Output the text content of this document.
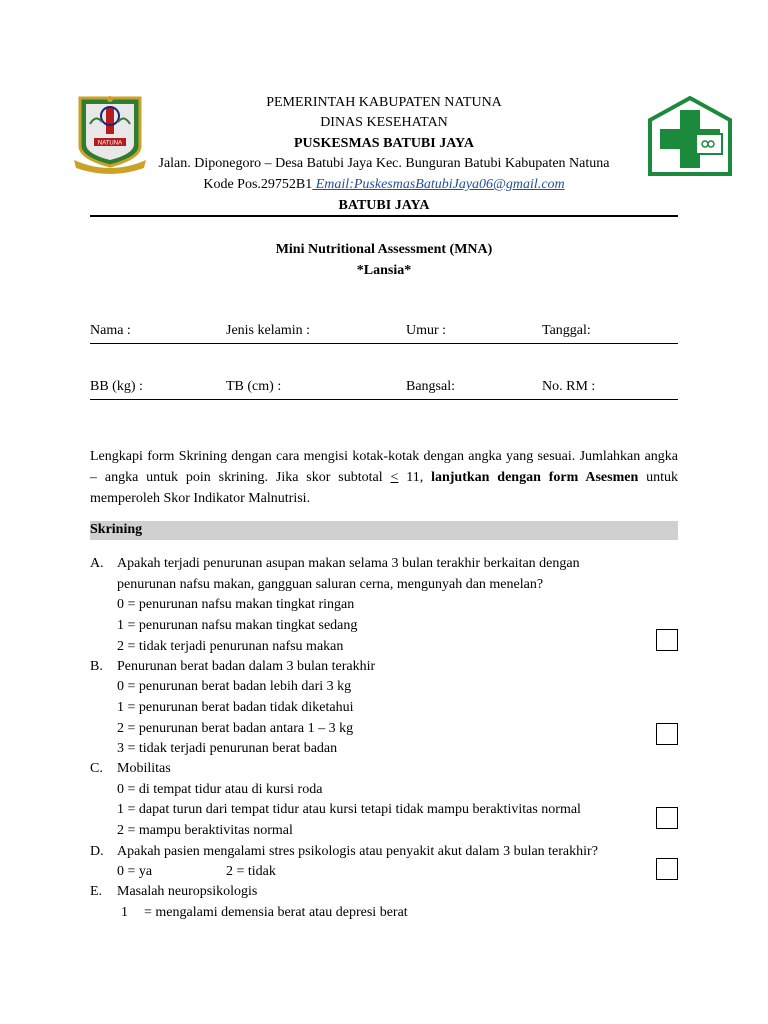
NATUNA
PEMERINTAH KABUPATEN NATUNA
DINAS KESEHATAN
PUSKESMAS BATUBI JAYA
Jalan. Diponegoro – Desa Batubi Jaya Kec. Bunguran Batubi Kabupaten Natuna
Kode Pos.29752B1 Email:PuskesmasBatubiJaya06@gmail.com
BATUBI JAYA
Mini Nutritional Assessment (MNA)
*Lansia*
Nama :	Jenis kelamin :	Umur :	Tanggal:
BB (kg) :	TB (cm) :	Bangsal:	No. RM :
Lengkapi form Skrining dengan cara mengisi kotak-kotak dengan angka yang sesuai. Jumlahkan angka – angka untuk poin skrining. Jika skor subtotal ≤ 11, lanjutkan dengan form Asesmen untuk memperoleh Skor Indikator Malnutrisi.
Skrining
A. Apakah terjadi penurunan asupan makan selama 3 bulan terakhir berkaitan dengan
penurunan nafsu makan, gangguan saluran cerna, mengunyah dan menelan?
0 = penurunan nafsu makan tingkat ringan
1 = penurunan nafsu makan tingkat sedang
2 = tidak terjadi penurunan nafsu makan
B. Penurunan berat badan dalam 3 bulan terakhir
0 = penurunan berat badan lebih dari 3 kg
1 = penurunan berat badan tidak diketahui
2 = penurunan berat badan antara 1 – 3 kg
3 = tidak terjadi penurunan berat badan
C. Mobilitas
0 = di tempat tidur atau di kursi roda
1 = dapat turun dari tempat tidur atau kursi tetapi tidak mampu beraktivitas normal
2 = mampu beraktivitas normal
D. Apakah pasien mengalami stres psikologis atau penyakit akut dalam 3 bulan terakhir?
0 = ya	2 = tidak
E. Masalah neuropsikologis
1 = mengalami demensia berat atau depresi berat
